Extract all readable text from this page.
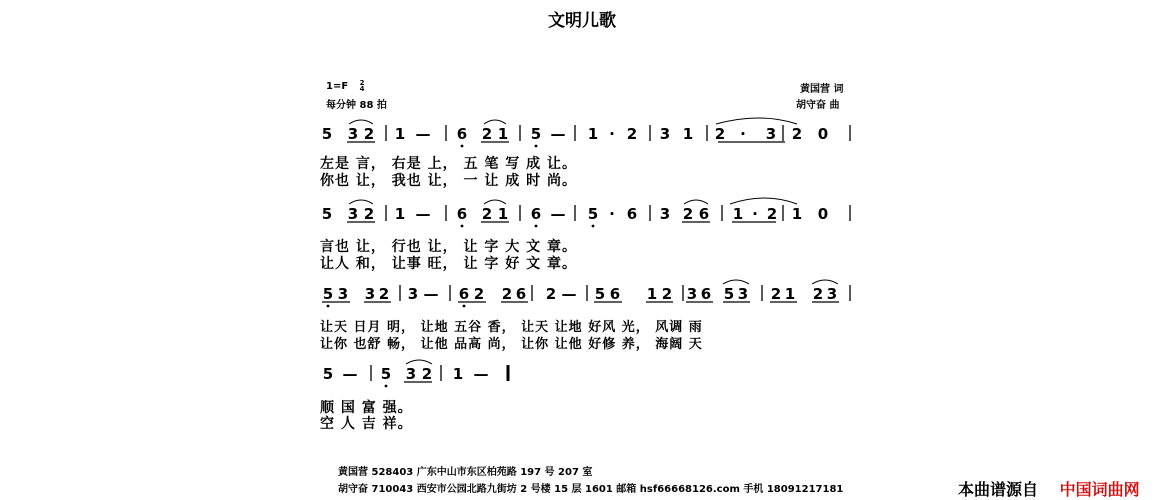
文明儿歌
1=F 2
4
每分钟 88 拍
黄国营 词
胡守奋 曲
5 3 2 1 — 6 2 1 5 — 1 · 2 3 1 2 · 3 2 0
5 3 2 1 — 6 2 1 6 — 5 · 6 3 2 6 1 · 2 1 0
5 3 3 2 3 — 6 2 2 6 2 — 5 6 1 2 3 6 5 3 2 1 2 3
5 — 5 3 2 1 —
左是 言， 右是 上， 五 笔 写 成 让。
你也 让， 我也 让， 一 让 成 时 尚。
言也 让， 行也 让， 让 字 大 文 章。
让人 和， 让事 旺， 让 字 好 文 章。
让天 日月 明， 让地 五谷 香， 让天 让地 好风 光， 风调 雨
让你 也舒 畅， 让他 品高 尚， 让你 让他 好修 养， 海阔 天
顺 国 富 强。
空 人 吉 祥。
黄国营 528403 广东中山市东区柏苑路 197 号 207 室
胡守奋 710043 西安市公园北路九街坊 2 号楼 15 层 1601 邮箱 hsf66668126.com 手机 18091217181	本曲谱源自 中国词曲网
